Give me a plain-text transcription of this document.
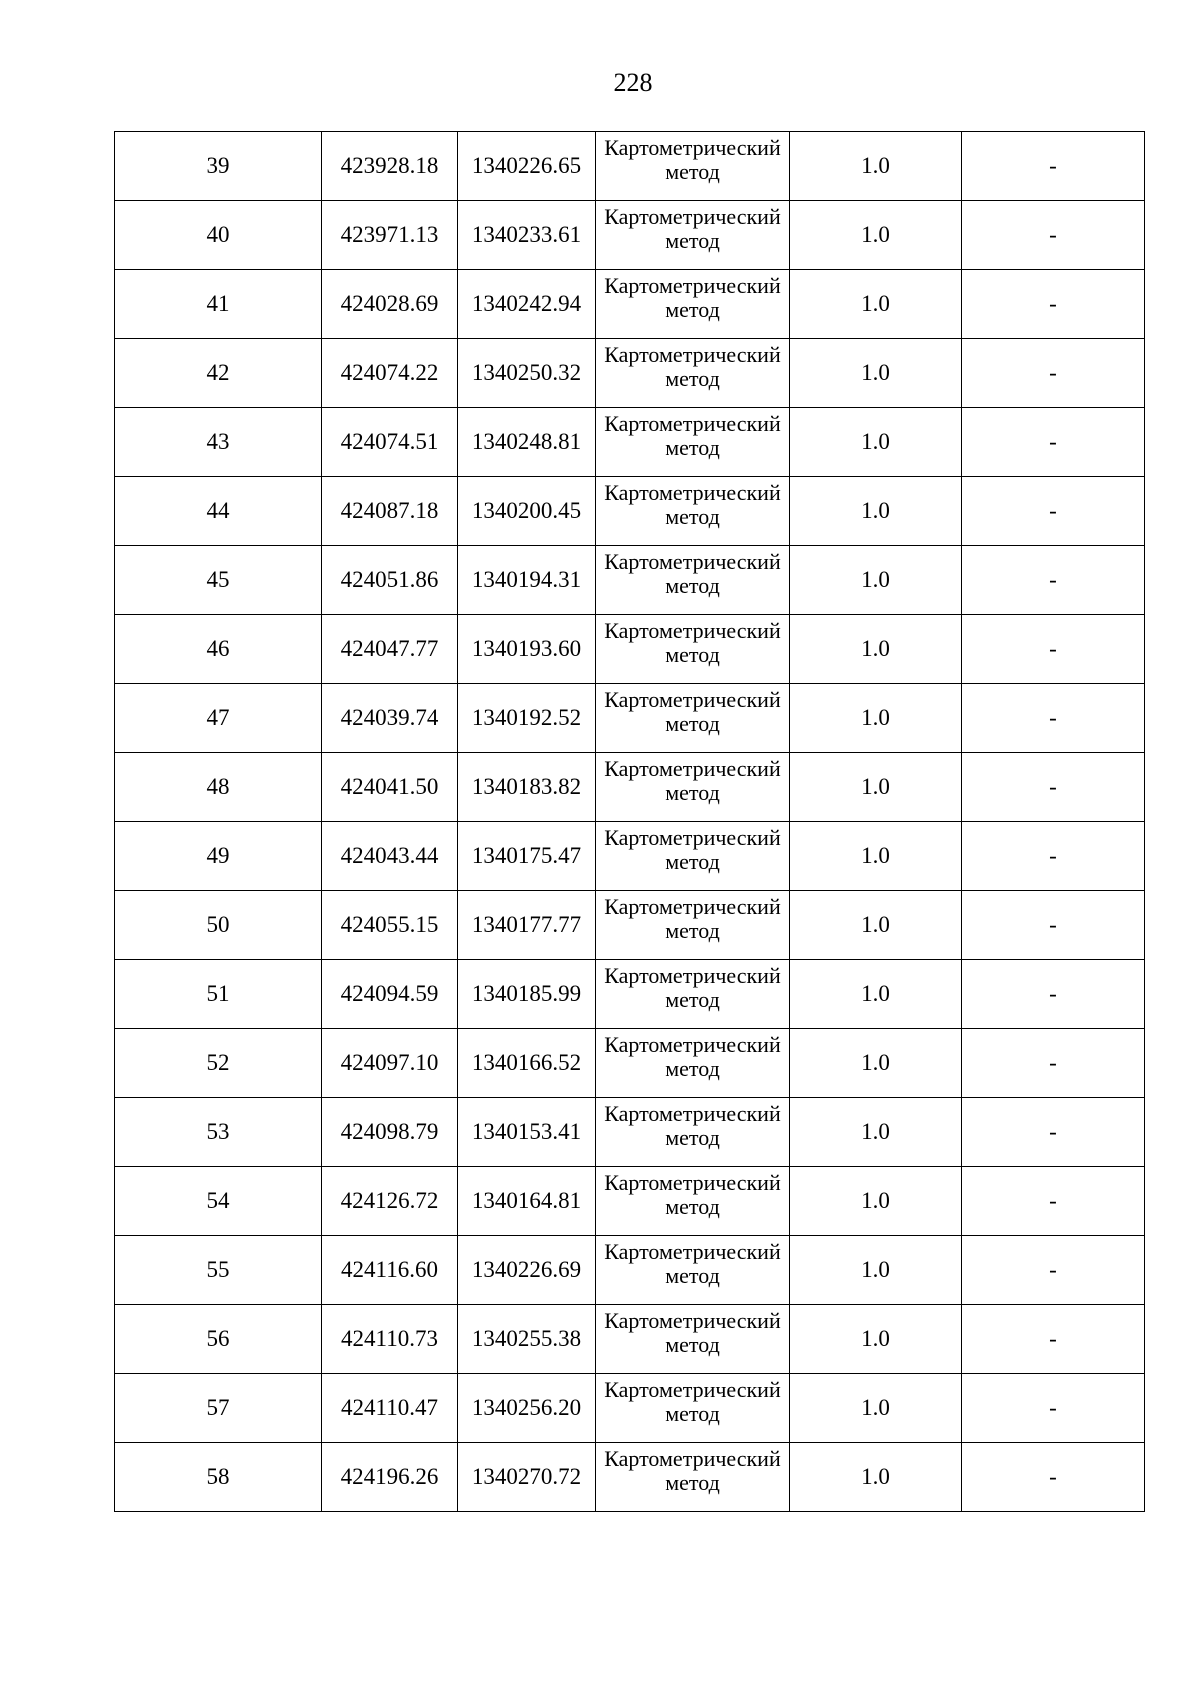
228
39	423928.18	1340226.65	Картометрический метод	1.0	-
40	423971.13	1340233.61	Картометрический метод	1.0	-
41	424028.69	1340242.94	Картометрический метод	1.0	-
42	424074.22	1340250.32	Картометрический метод	1.0	-
43	424074.51	1340248.81	Картометрический метод	1.0	-
44	424087.18	1340200.45	Картометрический метод	1.0	-
45	424051.86	1340194.31	Картометрический метод	1.0	-
46	424047.77	1340193.60	Картометрический метод	1.0	-
47	424039.74	1340192.52	Картометрический метод	1.0	-
48	424041.50	1340183.82	Картометрический метод	1.0	-
49	424043.44	1340175.47	Картометрический метод	1.0	-
50	424055.15	1340177.77	Картометрический метод	1.0	-
51	424094.59	1340185.99	Картометрический метод	1.0	-
52	424097.10	1340166.52	Картометрический метод	1.0	-
53	424098.79	1340153.41	Картометрический метод	1.0	-
54	424126.72	1340164.81	Картометрический метод	1.0	-
55	424116.60	1340226.69	Картометрический метод	1.0	-
56	424110.73	1340255.38	Картометрический метод	1.0	-
57	424110.47	1340256.20	Картометрический метод	1.0	-
58	424196.26	1340270.72	Картометрический метод	1.0	-
